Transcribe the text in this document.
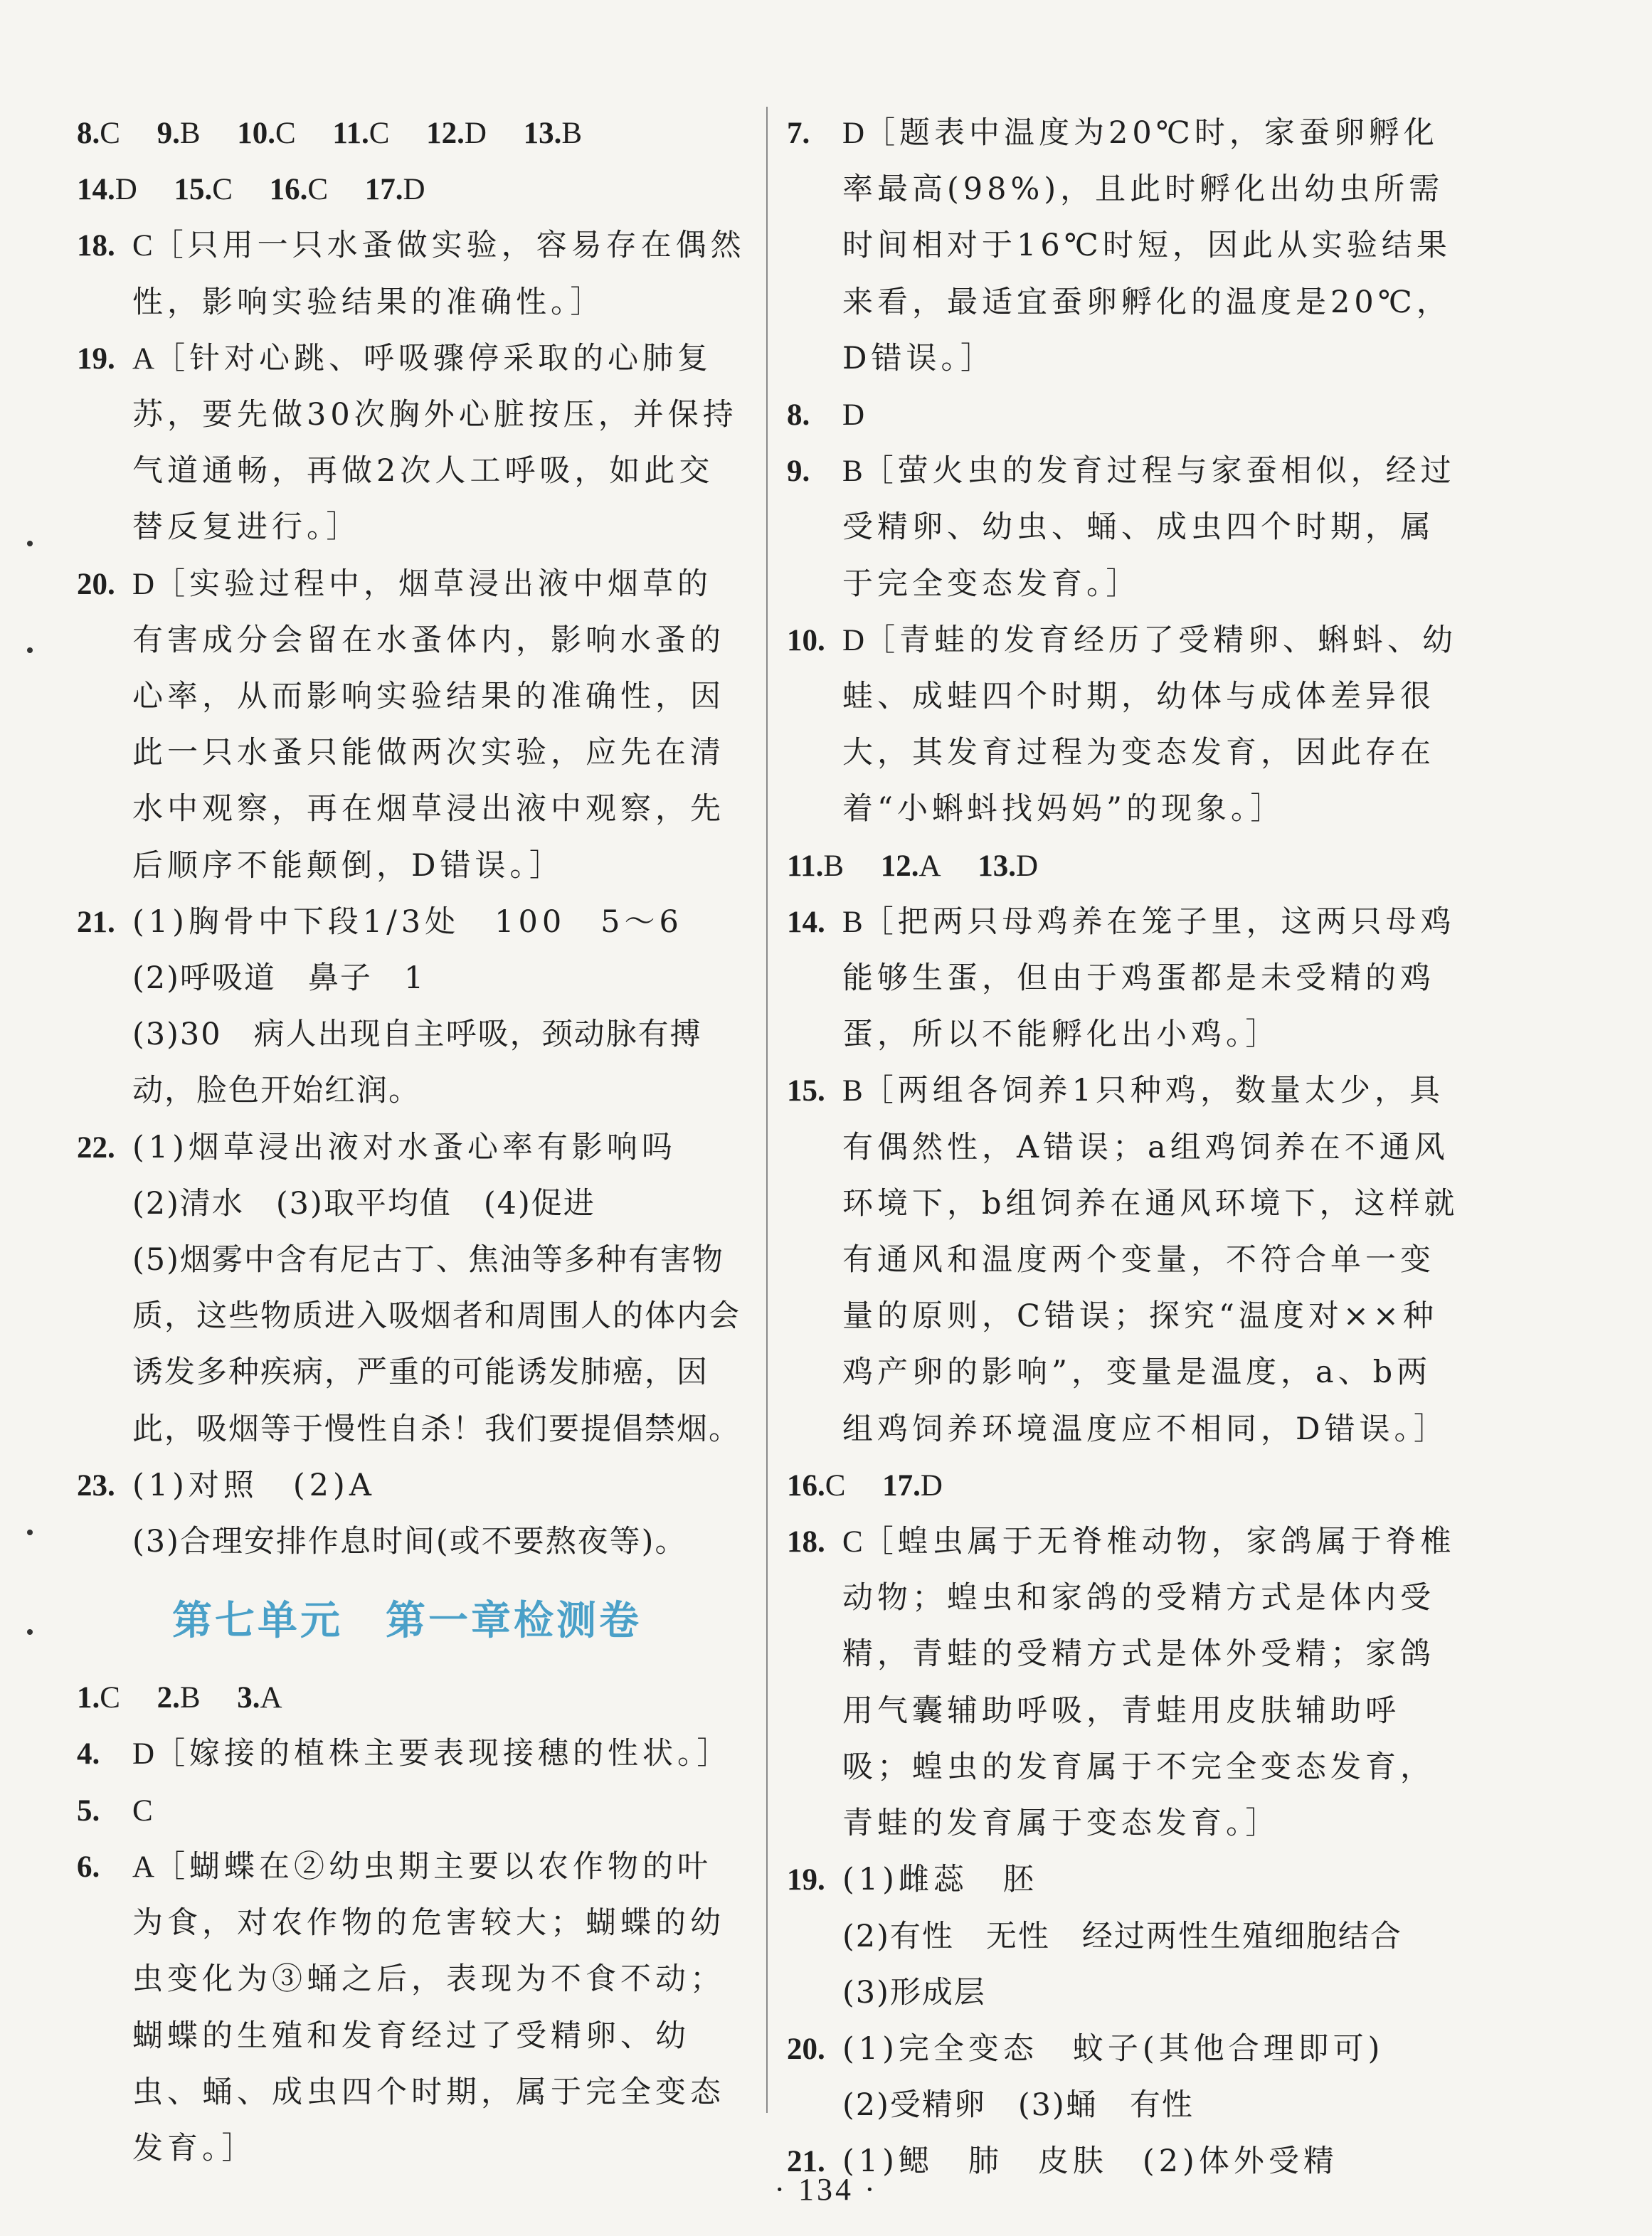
8.C 9.B 10.C 11.C 12.D 13.B

14.D 15.C 16.C 17.D

18. C［只用一只水蚤做实验，容易存在偶然性，影响实验结果的准确性。］

19. A［针对心跳、呼吸骤停采取的心肺复苏，要先做30次胸外心脏按压，并保持气道通畅，再做2次人工呼吸，如此交替反复进行。］

20. D［实验过程中，烟草浸出液中烟草的有害成分会留在水蚤体内，影响水蚤的心率，从而影响实验结果的准确性，因此一只水蚤只能做两次实验，应先在清水中观察，再在烟草浸出液中观察，先后顺序不能颠倒，D错误。］

21. (1)胸骨中下段1/3处　100　5～6

(2)呼吸道　鼻子　1

(3)30　病人出现自主呼吸，颈动脉有搏动，脸色开始红润。

22. (1)烟草浸出液对水蚤心率有影响吗

(2)清水　(3)取平均值　(4)促进

(5)烟雾中含有尼古丁、焦油等多种有害物质，这些物质进入吸烟者和周围人的体内会诱发多种疾病，严重的可能诱发肺癌，因此，吸烟等于慢性自杀！我们要提倡禁烟。

23. (1)对照　(2)A

(3)合理安排作息时间(或不要熬夜等)。

第七单元　第一章检测卷

1.C 2.B 3.A

4. D［嫁接的植株主要表现接穗的性状。］

5. C

6. A［蝴蝶在②幼虫期主要以农作物的叶为食，对农作物的危害较大；蝴蝶的幼虫变化为③蛹之后，表现为不食不动；蝴蝶的生殖和发育经过了受精卵、幼虫、蛹、成虫四个时期，属于完全变态发育。］

7. D［题表中温度为20℃时，家蚕卵孵化率最高(98%)，且此时孵化出幼虫所需时间相对于16℃时短，因此从实验结果来看，最适宜蚕卵孵化的温度是20℃，D错误。］

8. D

9. B［萤火虫的发育过程与家蚕相似，经过受精卵、幼虫、蛹、成虫四个时期，属于完全变态发育。］

10. D［青蛙的发育经历了受精卵、蝌蚪、幼蛙、成蛙四个时期，幼体与成体差异很大，其发育过程为变态发育，因此存在着“小蝌蚪找妈妈”的现象。］

11.B 12.A 13.D

14. B［把两只母鸡养在笼子里，这两只母鸡能够生蛋，但由于鸡蛋都是未受精的鸡蛋，所以不能孵化出小鸡。］

15. B［两组各饲养1只种鸡，数量太少，具有偶然性，A错误；a组鸡饲养在不通风环境下，b组饲养在通风环境下，这样就有通风和温度两个变量，不符合单一变量的原则，C错误；探究“温度对××种鸡产卵的影响”，变量是温度，a、b两组鸡饲养环境温度应不相同，D错误。］

16.C 17.D

18. C［蝗虫属于无脊椎动物，家鸽属于脊椎动物；蝗虫和家鸽的受精方式是体内受精，青蛙的受精方式是体外受精；家鸽用气囊辅助呼吸，青蛙用皮肤辅助呼吸；蝗虫的发育属于不完全变态发育，青蛙的发育属于变态发育。］

19. (1)雌蕊　胚

(2)有性　无性　经过两性生殖细胞结合

(3)形成层

20. (1)完全变态　蚊子(其他合理即可)

(2)受精卵　(3)蛹　有性

21. (1)鳃　肺　皮肤　(2)体外受精

· 134 ·
